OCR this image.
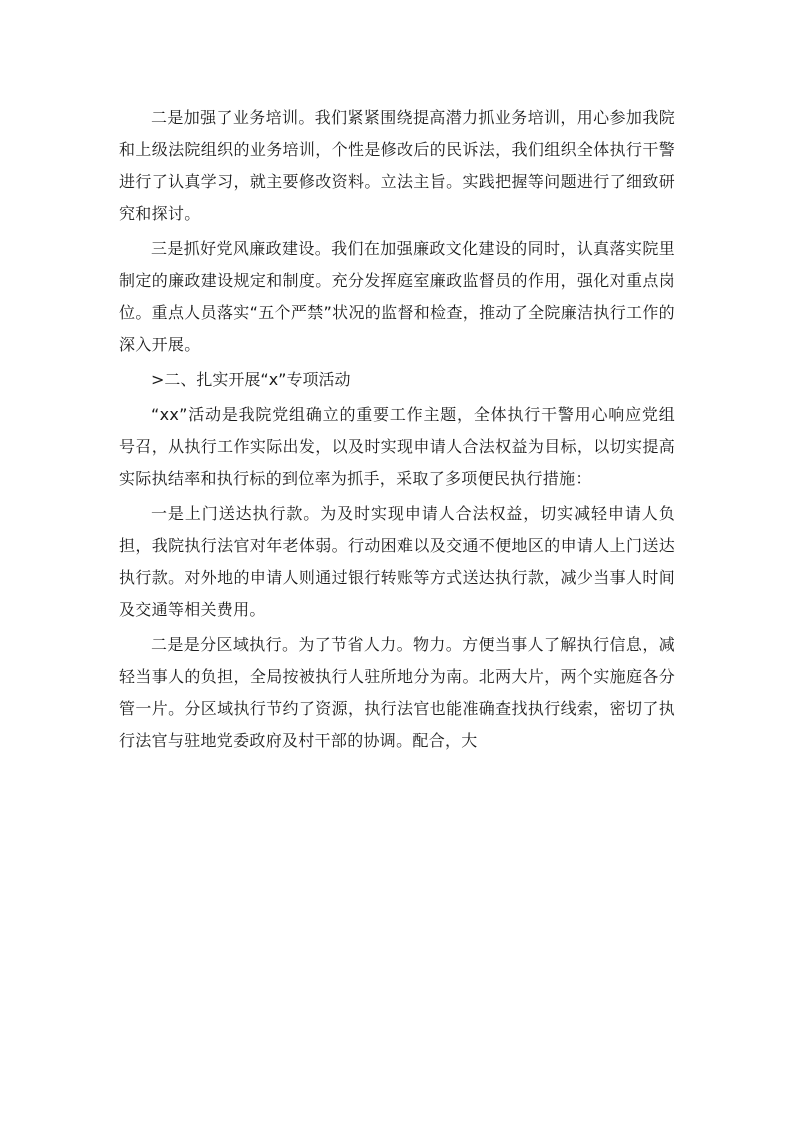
二是加强了业务培训。我们紧紧围绕提高潜力抓业务培训，用心参加我院和上级法院组织的业务培训，个性是修改后的民诉法，我们组织全体执行干警进行了认真学习，就主要修改资料。立法主旨。实践把握等问题进行了细致研究和探讨。

三是抓好党风廉政建设。我们在加强廉政文化建设的同时，认真落实院里制定的廉政建设规定和制度。充分发挥庭室廉政监督员的作用，强化对重点岗位。重点人员落实“五个严禁”状况的监督和检查，推动了全院廉洁执行工作的深入开展。

>二、扎实开展“x”专项活动

“xx”活动是我院党组确立的重要工作主题，全体执行干警用心响应党组号召，从执行工作实际出发，以及时实现申请人合法权益为目标，以切实提高实际执结率和执行标的到位率为抓手，采取了多项便民执行措施：

一是上门送达执行款。为及时实现申请人合法权益，切实减轻申请人负担，我院执行法官对年老体弱。行动困难以及交通不便地区的申请人上门送达执行款。对外地的申请人则通过银行转账等方式送达执行款，减少当事人时间及交通等相关费用。

二是是分区域执行。为了节省人力。物力。方便当事人了解执行信息，减轻当事人的负担，全局按被执行人驻所地分为南。北两大片，两个实施庭各分管一片。分区域执行节约了资源，执行法官也能准确查找执行线索，密切了执行法官与驻地党委政府及村干部的协调。配合，大
